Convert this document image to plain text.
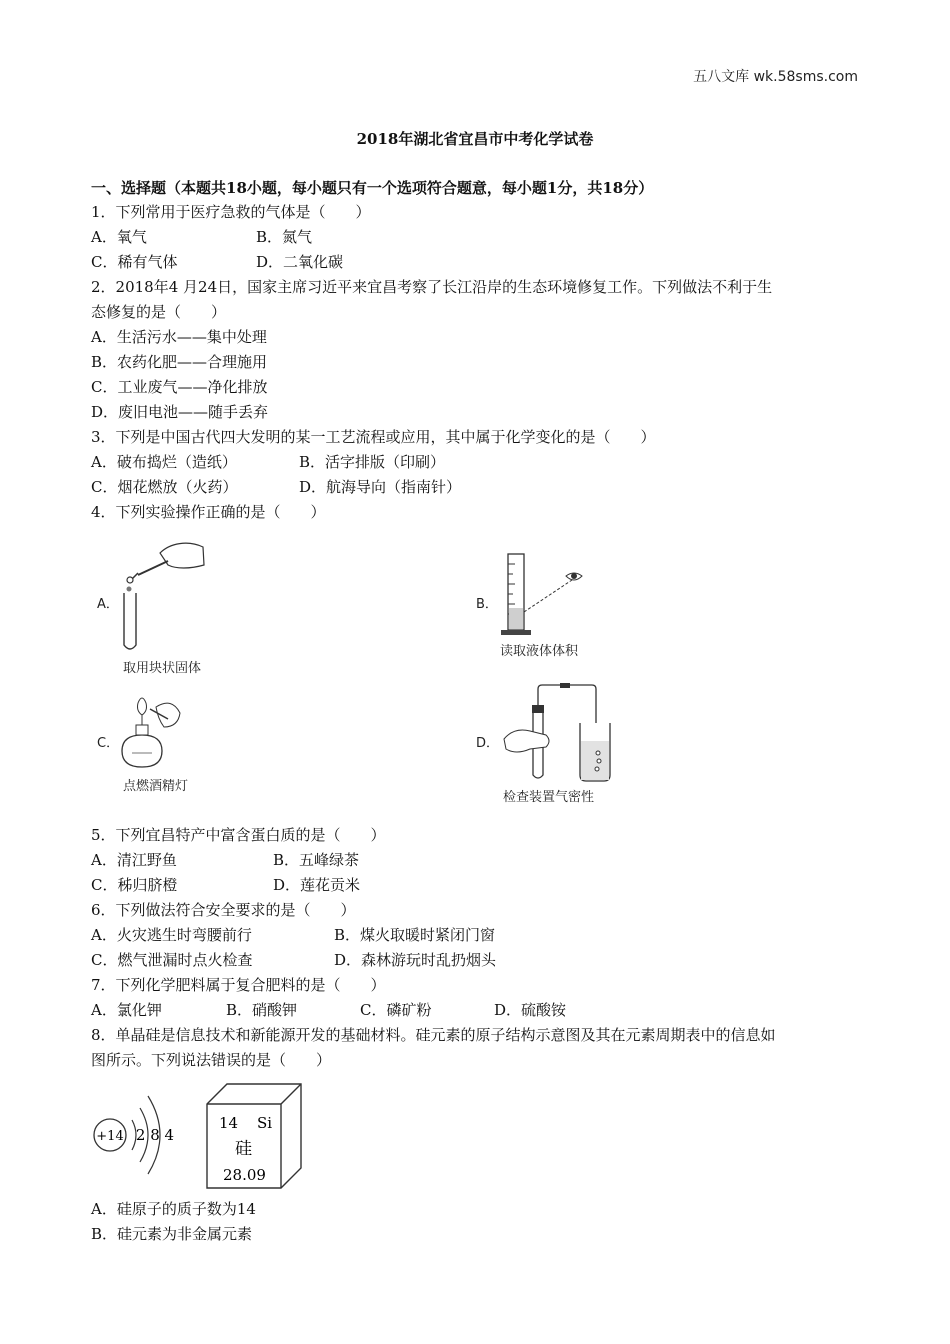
五八文库 wk.58sms.com
2018年湖北省宜昌市中考化学试卷
一、选择题（本题共18小题，每小题只有一个选项符合题意，每小题1分，共18分）
1．下列常用于医疗急救的气体是（　　）
A．氧气	B．氮气
C．稀有气体	D．二氧化碳
2．2018年4 月24日，国家主席习近平来宜昌考察了长江沿岸的生态环境修复工作。下列做法不利于生
态修复的是（　　）
A．生活污水——集中处理
B．农药化肥——合理施用
C．工业废气——净化排放
D．废旧电池——随手丢弃
3．下列是中国古代四大发明的某一工艺流程或应用，其中属于化学变化的是（　　）
A．破布捣烂（造纸）	B．活字排版（印刷）
C．烟花燃放（火药）	D．航海导向（指南针）
4．下列实验操作正确的是（　　）
A．
取用块状固体
B．
读取液体体积
C．
点燃酒精灯
D．
检查装置气密性
5．下列宜昌特产中富含蛋白质的是（　　）
A．清江野鱼	B．五峰绿茶
C．秭归脐橙	D．莲花贡米
6．下列做法符合安全要求的是（　　）
A．火灾逃生时弯腰前行	B．煤火取暖时紧闭门窗
C．燃气泄漏时点火检查	D．森林游玩时乱扔烟头
7．下列化学肥料属于复合肥料的是（　　）
A．氯化钾	B．硝酸钾	C．磷矿粉	D．硫酸铵
8．单晶硅是信息技术和新能源开发的基础材料。硅元素的原子结构示意图及其在元素周期表中的信息如
图所示。下列说法错误的是（　　）
+14 2 8 4
14 Si
硅
28.09
A．硅原子的质子数为14
B．硅元素为非金属元素
